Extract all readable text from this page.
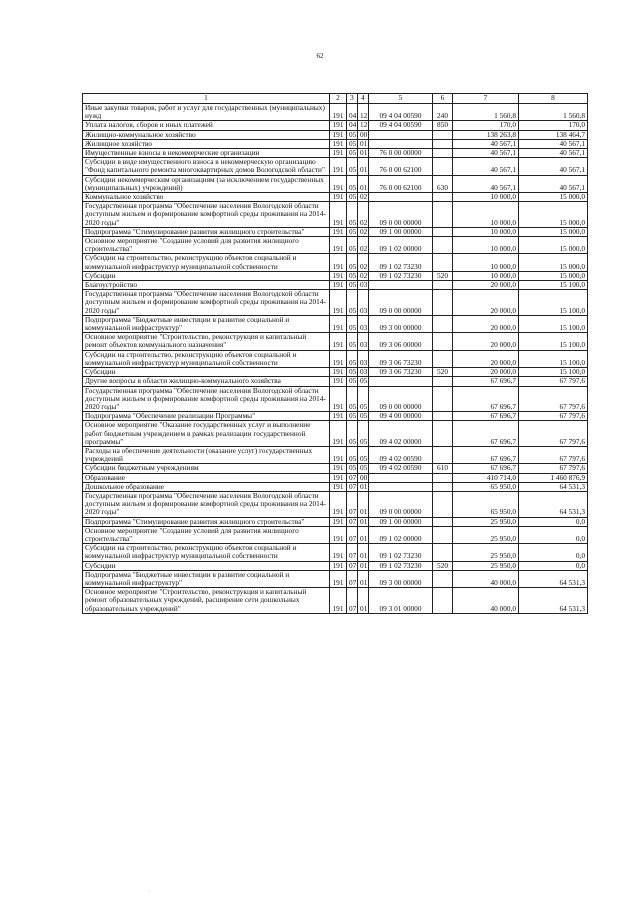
62
1	2	3	4	5	6	7	8
Иные закупки товаров, работ и услуг для государственных (муниципальных) нужд	191	04	12	09 4 04 00590	240	1 560,8	1 560,8
Уплата налогов, сборов и иных платежей	191	04	12	09 4 04 00590	850	170,0	170,0
Жилищно-коммунальное хозяйство	191	05	00			138 263,8	138 464,7
Жилищное хозяйство	191	05	01			40 567,1	40 567,1
Имущественные взносы в некоммерческие организации	191	05	01	76 0 00 00000		40 567,1	40 567,1
Субсидии в виде имущественного взноса в некоммерческую организацию "Фонд капитального ремонта многоквартирных домов Вологодской области"	191	05	01	76 0 00 62100		40 567,1	40 567,1
Субсидии некоммерческим организациям (за исключением государственных (муниципальных) учреждений)	191	05	01	76 0 00 62100	630	40 567,1	40 567,1
Коммунальное хозяйство	191	05	02			10 000,0	15 000,0
Государственная программа "Обеспечение населения Вологодской области доступным жильем и формирование комфортной среды проживания на 2014-2020 годы"	191	05	02	09 0 00 00000		10 000,0	15 000,0
Подпрограмма "Стимулирование развития жилищного строительства"	191	05	02	09 1 00 00000		10 000,0	15 000,0
Основное мероприятие "Создание условий для развития жилищного строительства"	191	05	02	09 1 02 00000		10 000,0	15 000,0
Субсидии на строительство, реконструкцию объектов социальной и коммунальной инфраструктур муниципальной собственности	191	05	02	09 1 02 73230		10 000,0	15 000,0
Субсидии	191	05	02	09 1 02 73230	520	10 000,0	15 000,0
Благоустройство	191	05	03			20 000,0	15 100,0
Государственная программа "Обеспечение населения Вологодской области доступным жильем и формирование комфортной среды проживания на 2014-2020 годы"	191	05	03	09 0 00 00000		20 000,0	15 100,0
Подпрограмма "Бюджетные инвестиции в развитие социальной и коммунальной инфраструктур"	191	05	03	09 3 00 00000		20 000,0	15 100,0
Основное мероприятие "Строительство, реконструкция и капитальный ремонт объектов коммунального назначения"	191	05	03	09 3 06 00000		20 000,0	15 100,0
Субсидии на строительство, реконструкцию объектов социальной и коммунальной инфраструктур муниципальной собственности	191	05	03	09 3 06 73230		20 000,0	15 100,0
Субсидии	191	05	03	09 3 06 73230	520	20 000,0	15 100,0
Другие вопросы в области жилищно-коммунального хозяйства	191	05	05			67 696,7	67 797,6
Государственная программа "Обеспечение населения Вологодской области доступным жильем и формирование комфортной среды проживания на 2014-2020 годы"	191	05	05	09 0 00 00000		67 696,7	67 797,6
Подпрограмма "Обеспечение реализации Программы"	191	05	05	09 4 00 00000		67 696,7	67 797,6
Основное мероприятие "Оказание государственных услуг и выполнение работ бюджетным учреждением в рамках реализации государственной программы"	191	05	05	09 4 02 00000		67 696,7	67 797,6
Расходы на обеспечение деятельности (оказание услуг) государственных учреждений	191	05	05	09 4 02 00590		67 696,7	67 797,6
Субсидии бюджетным учреждениям	191	05	05	09 4 02 00590	610	67 696,7	67 797,6
Образование	191	07	00			410 714,0	1 460 876,9
Дошкольное образование	191	07	01			65 950,0	64 531,3
Государственная программа "Обеспечение населения Вологодской области доступным жильем и формирование комфортной среды проживания на 2014-2020 годы"	191	07	01	09 0 00 00000		65 950,0	64 531,3
Подпрограмма "Стимулирование развития жилищного строительства"	191	07	01	09 1 00 00000		25 950,0	0,0
Основное мероприятие "Создание условий для развития жилищного строительства"	191	07	01	09 1 02 00000		25 950,0	0,0
Субсидии на строительство, реконструкцию объектов социальной и коммунальной инфраструктур муниципальной собственности	191	07	01	09 1 02 73230		25 950,0	0,0
Субсидии	191	07	01	09 1 02 73230	520	25 950,0	0,0
Подпрограмма "Бюджетные инвестиции в развитие социальной и коммунальной инфраструктур"	191	07	01	09 3 00 00000		40 000,0	64 531,3
Основное мероприятие "Строительство, реконструкция и капитальный ремонт образовательных учреждений, расширение сети дошкольных образовательных учреждений"	191	07	01	09 3 01 00000		40 000,0	64 531,3
·
